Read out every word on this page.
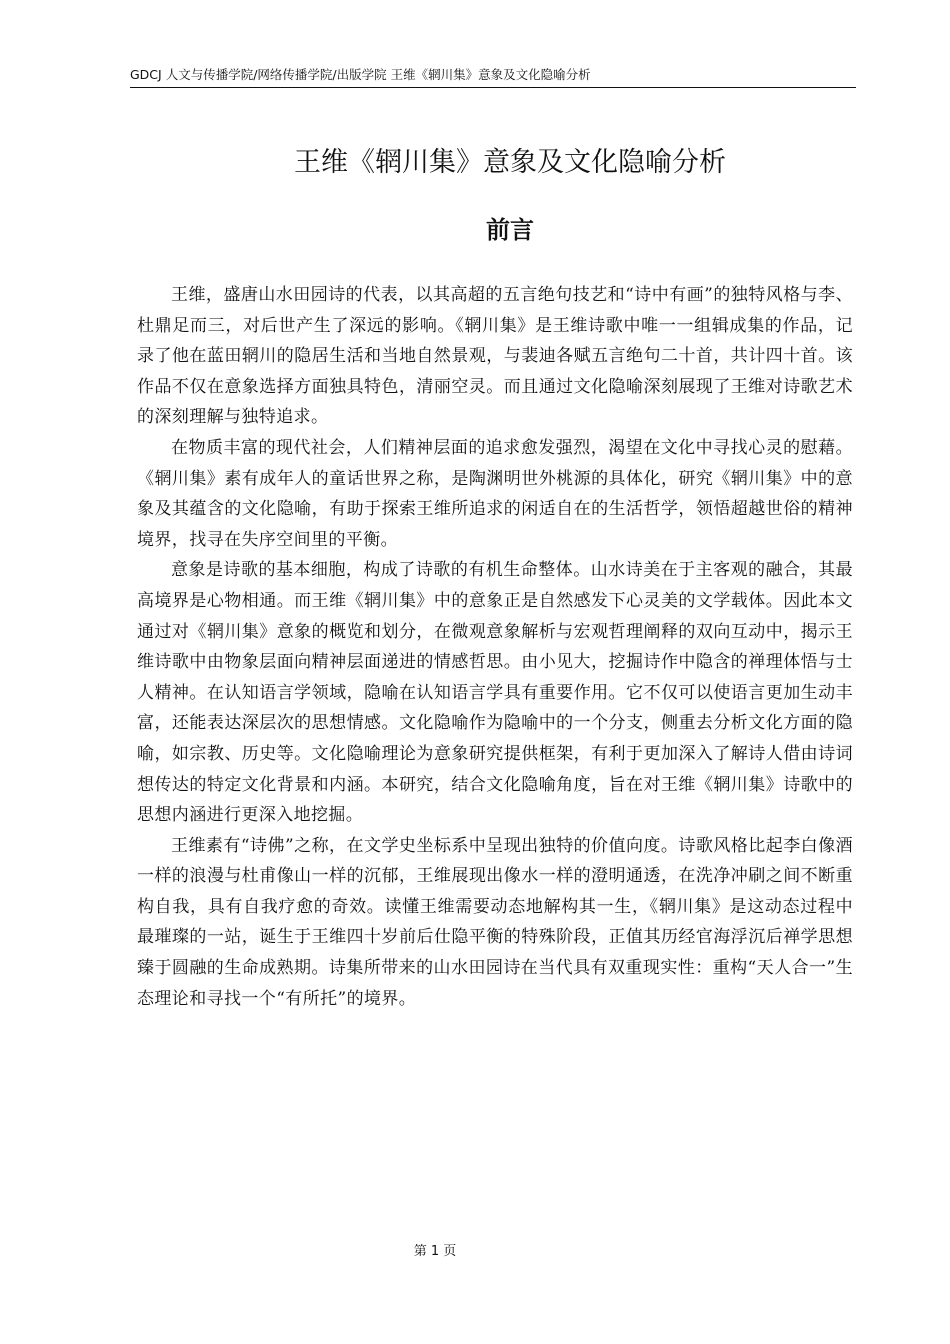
GDCJ 人文与传播学院/网络传播学院/出版学院 王维《辋川集》意象及文化隐喻分析
王维《辋川集》意象及文化隐喻分析
前言

王维，盛唐山水田园诗的代表，以其高超的五言绝句技艺和“诗中有画”的独特风格与李、杜鼎足而三，对后世产生了深远的影响。《辋川集》是王维诗歌中唯一一组辑成集的作品，记录了他在蓝田辋川的隐居生活和当地自然景观，与裴迪各赋五言绝句二十首，共计四十首。该作品不仅在意象选择方面独具特色，清丽空灵。而且通过文化隐喻深刻展现了王维对诗歌艺术的深刻理解与独特追求。

在物质丰富的现代社会，人们精神层面的追求愈发强烈，渴望在文化中寻找心灵的慰藉。《辋川集》素有成年人的童话世界之称，是陶渊明世外桃源的具体化，研究《辋川集》中的意象及其蕴含的文化隐喻，有助于探索王维所追求的闲适自在的生活哲学，领悟超越世俗的精神境界，找寻在失序空间里的平衡。

意象是诗歌的基本细胞，构成了诗歌的有机生命整体。山水诗美在于主客观的融合，其最高境界是心物相通。而王维《辋川集》中的意象正是自然感发下心灵美的文学载体。因此本文通过对《辋川集》意象的概览和划分，在微观意象解析与宏观哲理阐释的双向互动中，揭示王维诗歌中由物象层面向精神层面递进的情感哲思。由小见大，挖掘诗作中隐含的禅理体悟与士人精神。在认知语言学领域，隐喻在认知语言学具有重要作用。它不仅可以使语言更加生动丰富，还能表达深层次的思想情感。文化隐喻作为隐喻中的一个分支，侧重去分析文化方面的隐喻，如宗教、历史等。文化隐喻理论为意象研究提供框架，有利于更加深入了解诗人借由诗词想传达的特定文化背景和内涵。本研究，结合文化隐喻角度，旨在对王维《辋川集》诗歌中的思想内涵进行更深入地挖掘。

王维素有“诗佛”之称，在文学史坐标系中呈现出独特的价值向度。诗歌风格比起李白像酒一样的浪漫与杜甫像山一样的沉郁，王维展现出像水一样的澄明通透，在洗净冲刷之间不断重构自我，具有自我疗愈的奇效。读懂王维需要动态地解构其一生，《辋川集》是这动态过程中最璀璨的一站，诞生于王维四十岁前后仕隐平衡的特殊阶段，正值其历经官海浮沉后禅学思想臻于圆融的生命成熟期。诗集所带来的山水田园诗在当代具有双重现实性：重构“天人合一”生态理论和寻找一个“有所托”的境界。

第 1 页
